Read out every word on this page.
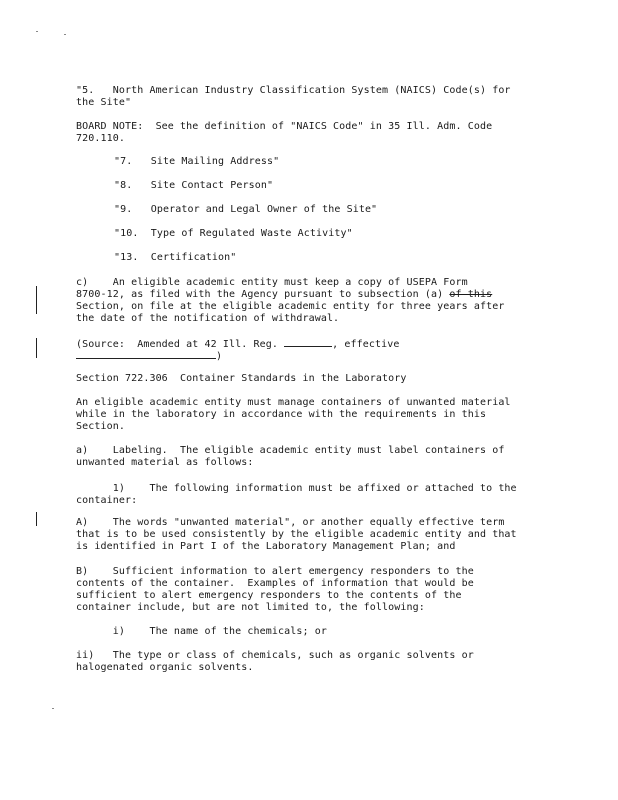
"5.   North American Industry Classification System (NAICS) Code(s) for
the Site"
BOARD NOTE:  See the definition of "NAICS Code" in 35 Ill. Adm. Code
720.110.
"7.   Site Mailing Address"
"8.   Site Contact Person"
"9.   Operator and Legal Owner of the Site"
"10.  Type of Regulated Waste Activity"
"13.  Certification"
c)    An eligible academic entity must keep a copy of USEPA Form
8700-12, as filed with the Agency pursuant to subsection (a) of this
Section, on file at the eligible academic entity for three years after
the date of the notification of withdrawal.
(Source:  Amended at 42 Ill. Reg.	, effective
)
Section 722.306  Container Standards in the Laboratory
An eligible academic entity must manage containers of unwanted material
while in the laboratory in accordance with the requirements in this
Section.
a)    Labeling.  The eligible academic entity must label containers of
unwanted material as follows:
1)    The following information must be affixed or attached to the
container:
A)    The words "unwanted material", or another equally effective term
that is to be used consistently by the eligible academic entity and that
is identified in Part I of the Laboratory Management Plan; and
B)    Sufficient information to alert emergency responders to the
contents of the container.  Examples of information that would be
sufficient to alert emergency responders to the contents of the
container include, but are not limited to, the following:
i)    The name of the chemicals; or
ii)   The type or class of chemicals, such as organic solvents or
halogenated organic solvents.
